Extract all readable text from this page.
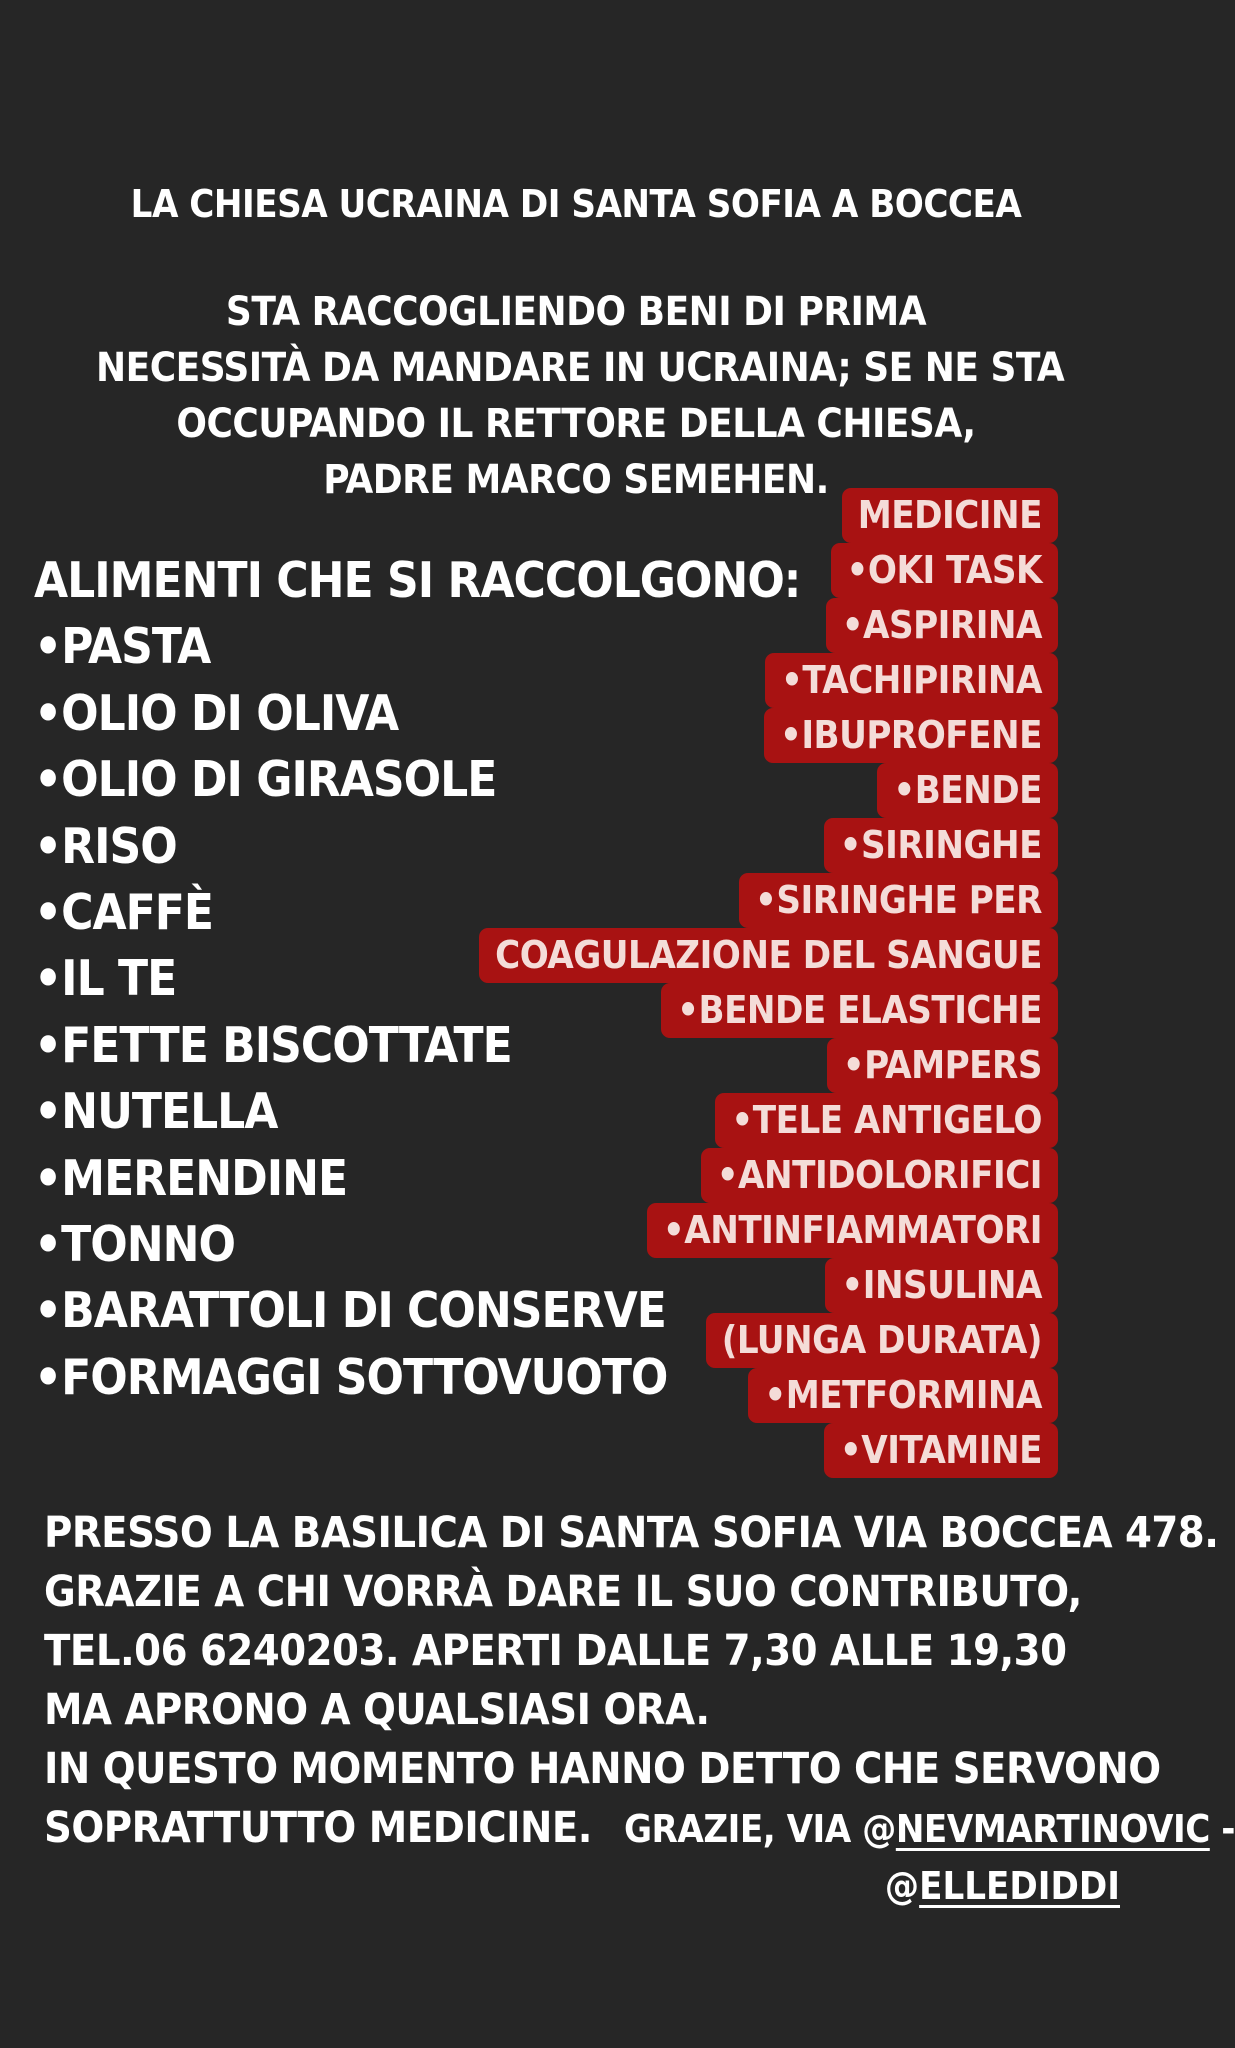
LA CHIESA UCRAINA DI SANTA SOFIA A BOCCEA
STA RACCOGLIENDO BENI DI PRIMA
NECESSITÀ DA MANDARE IN UCRAINA; SE NE STA
OCCUPANDO IL RETTORE DELLA CHIESA,
PADRE MARCO SEMEHEN.
ALIMENTI CHE SI RACCOLGONO:
•PASTA
•OLIO DI OLIVA
•OLIO DI GIRASOLE
•RISO
•CAFFÈ
•IL TE
•FETTE BISCOTTATE
•NUTELLA
•MERENDINE
•TONNO
•BARATTOLI DI CONSERVE
•FORMAGGI SOTTOVUOTO
MEDICINE
•OKI TASK
•ASPIRINA
•TACHIPIRINA
•IBUPROFENE
•BENDE
•SIRINGHE
•SIRINGHE PER
COAGULAZIONE DEL SANGUE
•BENDE ELASTICHE
•PAMPERS
•TELE ANTIGELO
•ANTIDOLORIFICI
•ANTINFIAMMATORI
•INSULINA
(LUNGA DURATA)
•METFORMINA
•VITAMINE
PRESSO LA BASILICA DI SANTA SOFIA VIA BOCCEA 478.
GRAZIE A CHI VORRÀ DARE IL SUO CONTRIBUTO,
TEL.06 6240203. APERTI DALLE 7,30 ALLE 19,30
MA APRONO A QUALSIASI ORA.
IN QUESTO MOMENTO HANNO DETTO CHE SERVONO
SOPRATTUTTO MEDICINE. GRAZIE, VIA @NEVMARTINOVIC -
@ELLEDIDDI
